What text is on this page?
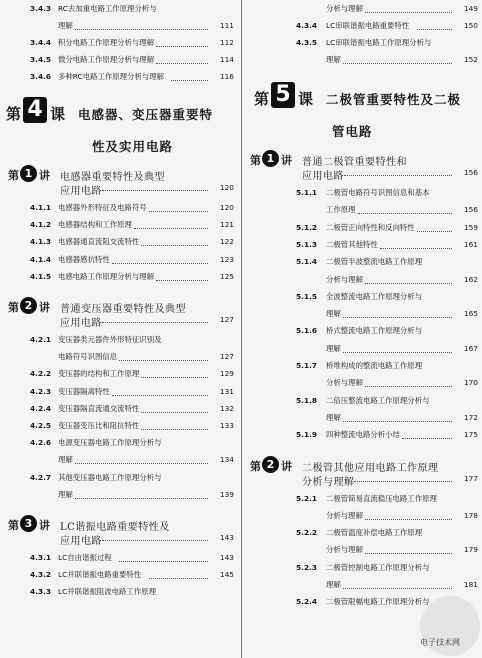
3.4.3 RC去加重电路工作原理分析与
理解	111
3.4.4 积分电路工作原理分析与理解	112
3.4.5 微分电路工作原理分析与理解	114
3.4.6 多种RC电路工作原理分析与理解	116
第 4 课 电感器、变压器重要特
性及实用电路
第 1 讲 电感器重要特性及典型
应用电路	120
4.1.1 电感器外形特征及电路符号	120
4.1.2 电感器结构和工作原理	121
4.1.3 电感器通直流阻交流特性	122
4.1.4 电感器感抗特性	123
4.1.5 电感电路工作原理分析与理解	125
第 2 讲 普通变压器重要特性及典型
应用电路	127
4.2.1 变压器类元器件外形特征识别及
电路符号识图信息	127
4.2.2 变压器的结构和工作原理	129
4.2.3 变压器隔离特性	131
4.2.4 变压器隔直流通交流特性	132
4.2.5 变压器变压比和阻抗特性	133
4.2.6 电源变压器电路工作原理分析与
理解	134
4.2.7 其他变压器电路工作原理分析与
理解	139
第 3 讲 LC谐振电路重要特性及
应用电路	143
4.3.1 LC自由谐振过程	143
4.3.2 LC并联谐振电路重要特性	145
4.3.3 LC并联谐振阻波电路工作原理
分析与理解	149
4.3.4 LC串联谐振电路重要特性	150
4.3.5 LC串联谐振电路工作原理分析与
理解	152
第 5 课 二极管重要特性及二极
管电路
第 1 讲 普通二极管重要特性和
应用电路	156
5.1.1 二极管电路符号识图信息和基本
工作原理	156
5.1.2 二极管正向特性和反向特性	159
5.1.3 二极管其他特性	161
5.1.4 二极管半波整流电路工作原理
分析与理解	162
5.1.5 全波整流电路工作原理分析与
理解	165
5.1.6 桥式整流电路工作原理分析与
理解	167
5.1.7 桥堆构成的整流电路工作原理
分析与理解	170
5.1.8 二倍压整流电路工作原理分析与
理解	172
5.1.9 四种整流电路分析小结	175
第 2 讲 二极管其他应用电路工作原理
分析与理解	177
5.2.1 二极管简易直流稳压电路工作原理
分析与理解	178
5.2.2 二极管温度补偿电路工作原理
分析与理解	179
5.2.3 二极管控制电路工作原理分析与
理解	181
5.2.4 二极管限幅电路工作原理分析与
电子技术网
